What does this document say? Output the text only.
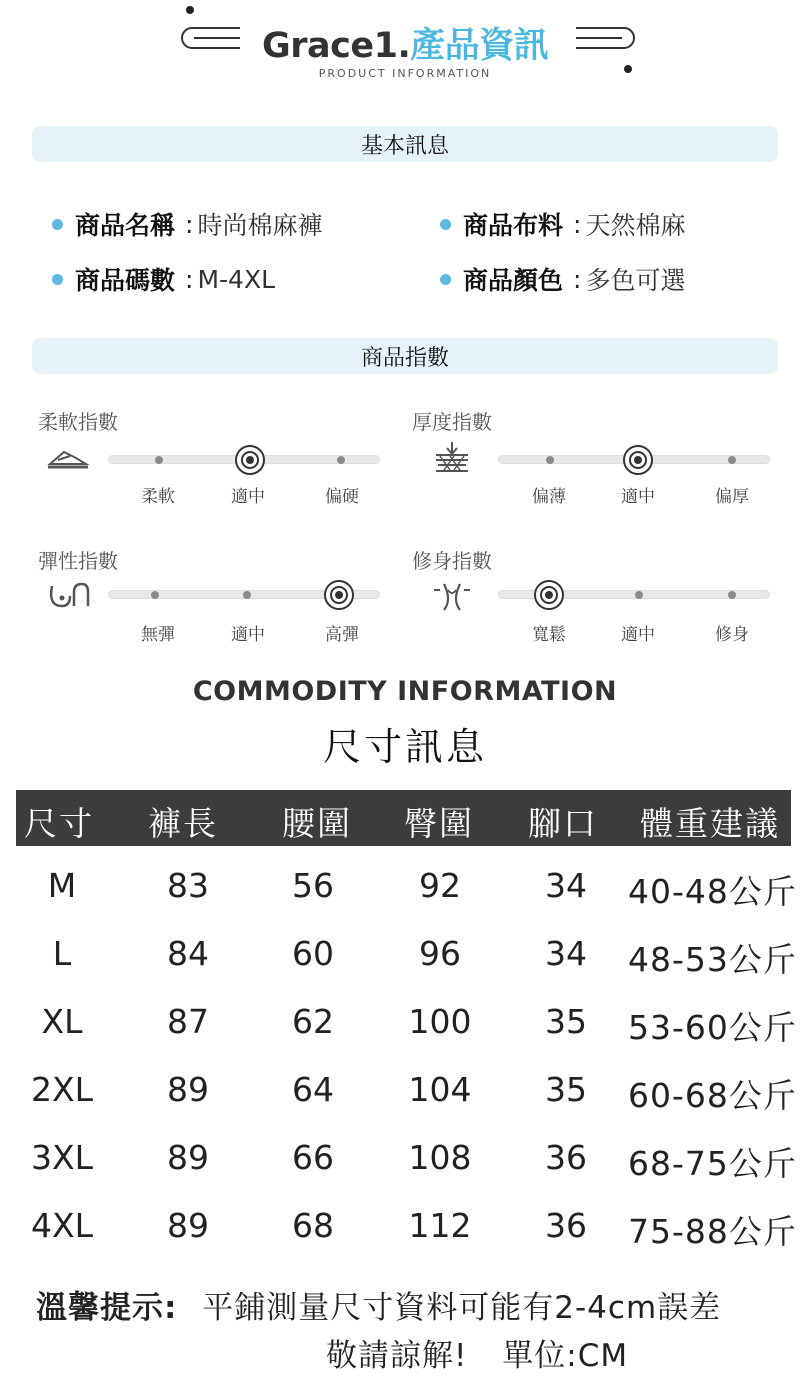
Grace1.產品資訊
PRODUCT INFORMATION
基本訊息
商品名稱 : 時尚棉麻褲	商品布料 : 天然棉麻
商品碼數 : M-4XL	商品顏色 : 多色可選
商品指數
柔軟指數
柔軟	適中	偏硬
厚度指數
偏薄	適中	偏厚
彈性指數
無彈	適中	高彈
修身指數
寬鬆	適中	修身
COMMODITY INFORMATION
尺寸訊息
尺寸 褲長 腰圍 臀圍 腳口 體重建議
M	83	56	92	34 40-48公斤
L	84	60	96	34 48-53公斤
XL	87	62 100 35 53-60公斤
2XL 89	64 104 35 60-68公斤
3XL 89	66 108 36 68-75公斤
4XL 89	68 112 36 75-88公斤
溫馨提示: 平鋪測量尺寸資料可能有2-4cm誤差
敬請諒解! 單位:CM
